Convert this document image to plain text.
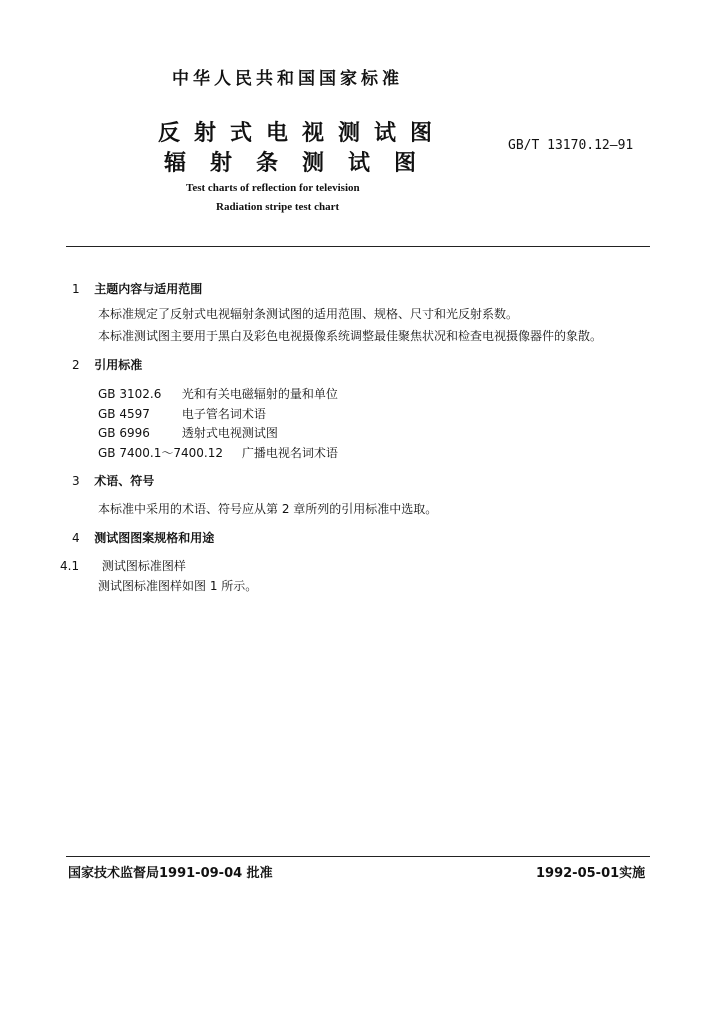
中华人民共和国国家标准
反射式电视测试图
辐射条测试图
GB/T 13170.12—91
Test charts of reflection for television
Radiation stripe test chart
1 主题内容与适用范围
本标准规定了反射式电视辐射条测试图的适用范围、规格、尺寸和光反射系数。
本标准测试图主要用于黑白及彩色电视摄像系统调整最佳聚焦状况和检查电视摄像器件的象散。
2 引用标准
GB 3102.6 光和有关电磁辐射的量和单位
GB 4597	电子管名词术语
GB 6996	透射式电视测试图
GB 7400.1～7400.12 广播电视名词术语
3 术语、符号
本标准中采用的术语、符号应从第 2 章所列的引用标准中选取。
4 测试图图案规格和用途
4.1 测试图标准图样
测试图标准图样如图 1 所示。
国家技术监督局1991-09-04 批准	1992-05-01实施
